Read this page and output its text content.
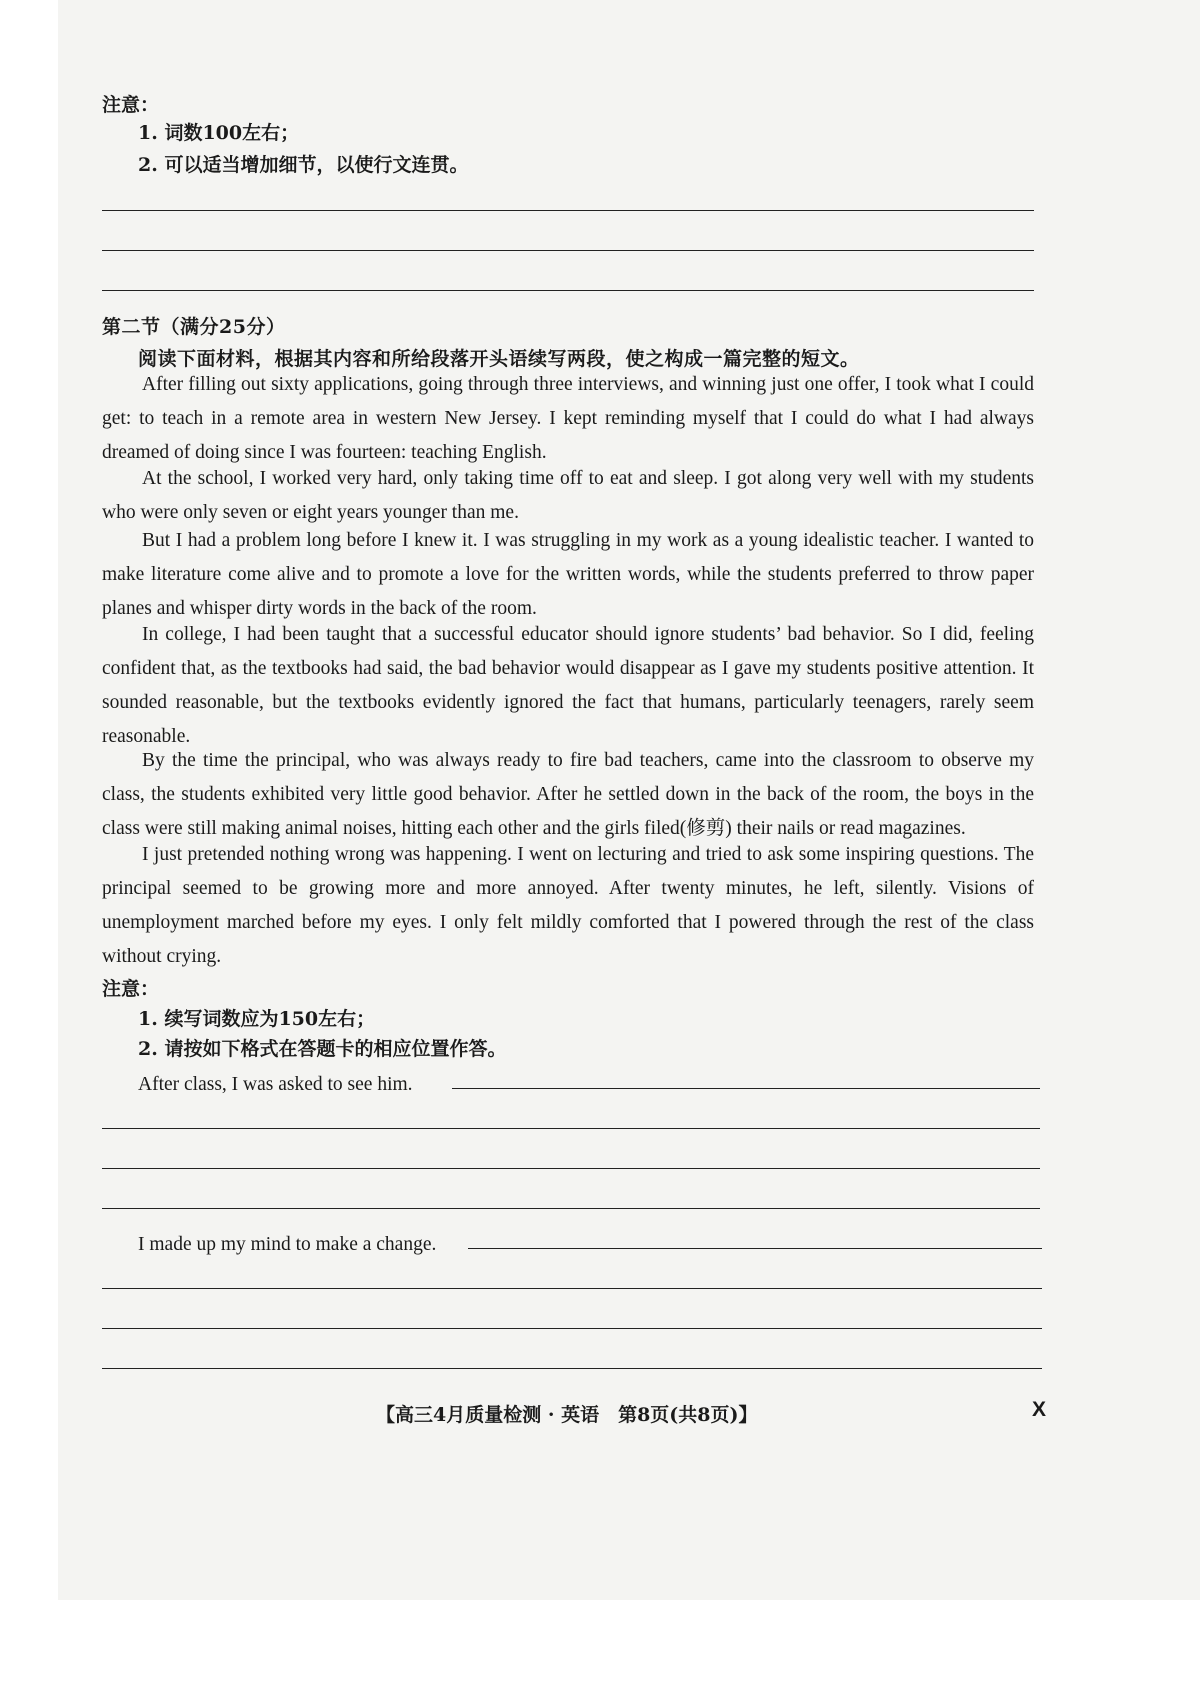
注意：
1. 词数100左右；
2. 可以适当增加细节，以使行文连贯。
第二节（满分25分）
阅读下面材料，根据其内容和所给段落开头语续写两段，使之构成一篇完整的短文。
After filling out sixty applications, going through three interviews, and winning just one offer, I took what I could get: to teach in a remote area in western New Jersey. I kept reminding myself that I could do what I had always dreamed of doing since I was fourteen: teaching English.
At the school, I worked very hard, only taking time off to eat and sleep. I got along very well with my students who were only seven or eight years younger than me.
But I had a problem long before I knew it. I was struggling in my work as a young idealistic teacher. I wanted to make literature come alive and to promote a love for the written words, while the students preferred to throw paper planes and whisper dirty words in the back of the room.
In college, I had been taught that a successful educator should ignore students’ bad behavior. So I did, feeling confident that, as the textbooks had said, the bad behavior would disappear as I gave my students positive attention. It sounded reasonable, but the textbooks evidently ignored the fact that humans, particularly teenagers, rarely seem reasonable.
By the time the principal, who was always ready to fire bad teachers, came into the classroom to observe my class, the students exhibited very little good behavior. After he settled down in the back of the room, the boys in the class were still making animal noises, hitting each other and the girls filed(修剪) their nails or read magazines.
I just pretended nothing wrong was happening. I went on lecturing and tried to ask some inspiring questions. The principal seemed to be growing more and more annoyed. After twenty minutes, he left, silently. Visions of unemployment marched before my eyes. I only felt mildly comforted that I powered through the rest of the class without crying.
注意：
1. 续写词数应为150左右；
2. 请按如下格式在答题卡的相应位置作答。
After class, I was asked to see him.
I made up my mind to make a change.
【高三4月质量检测 · 英语　第8页(共8页)】	X
